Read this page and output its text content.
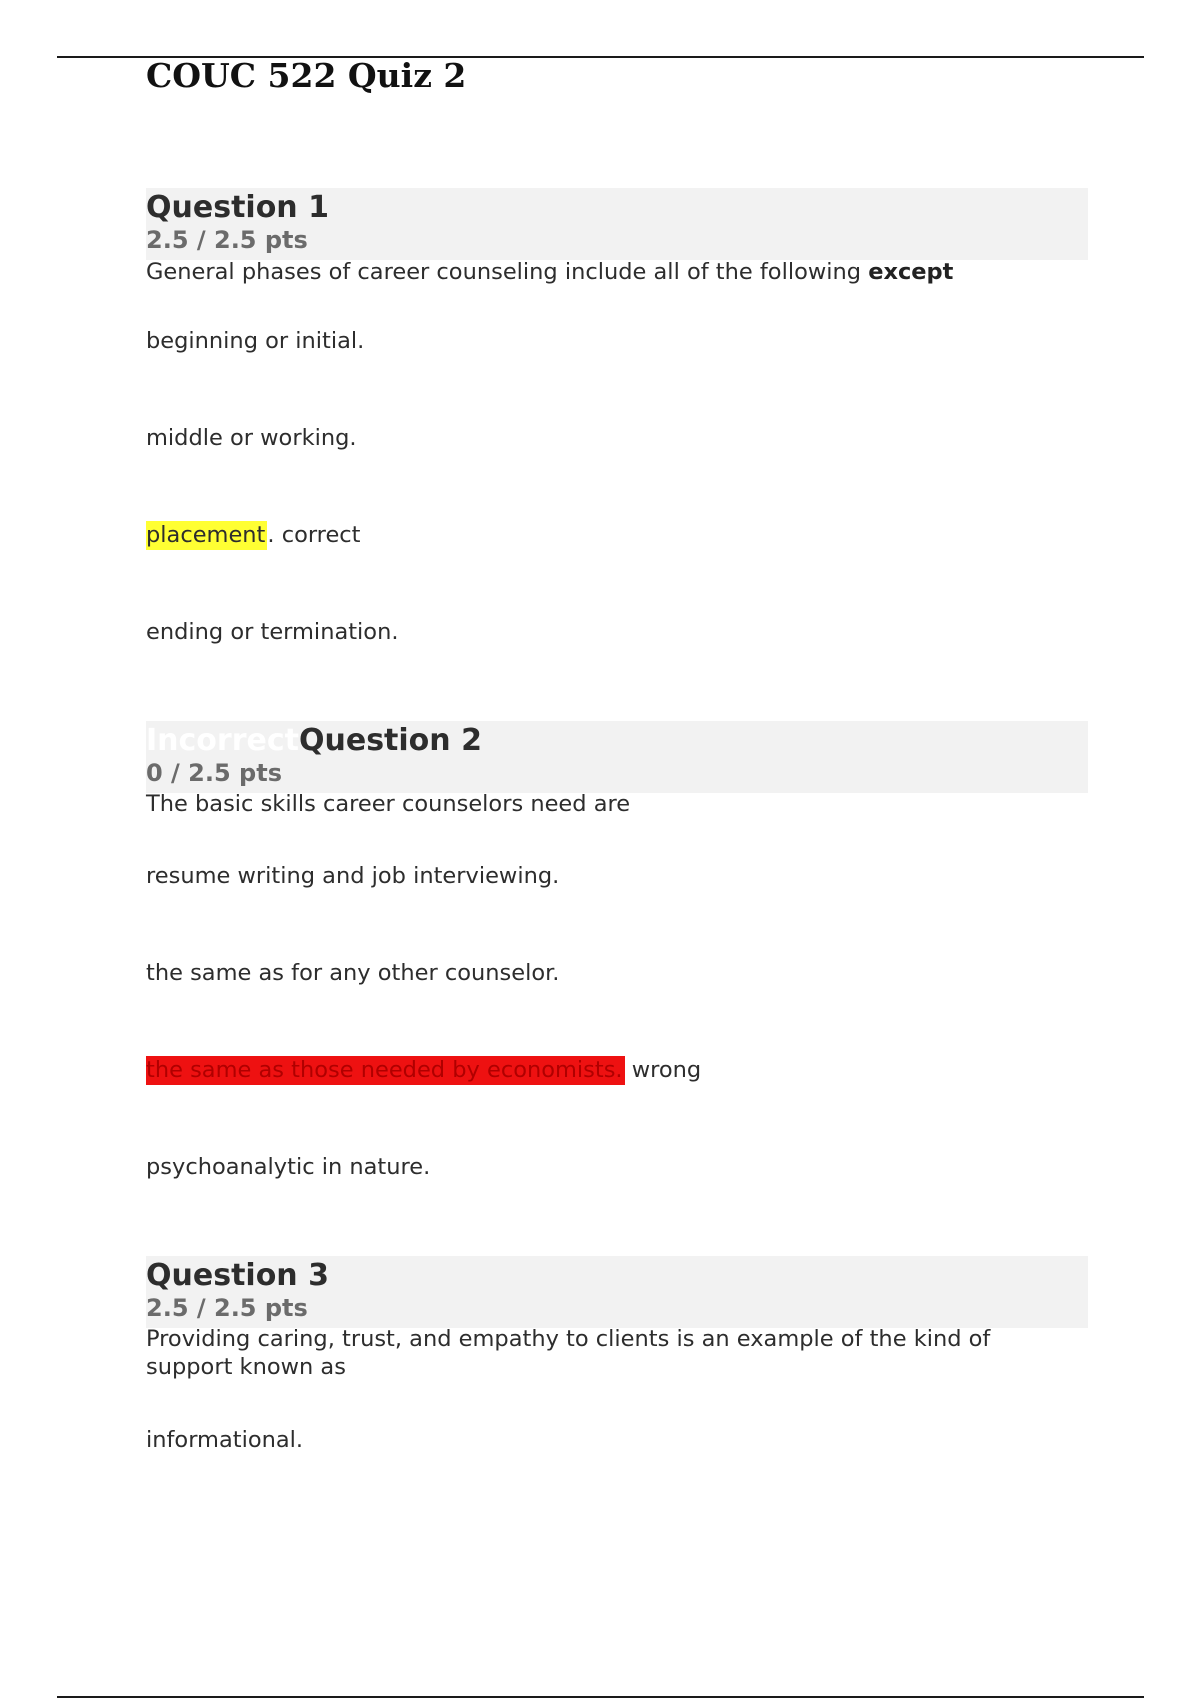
COUC 522 Quiz 2
Question 1
2.5 / 2.5 pts
General phases of career counseling include all of the following except
beginning or initial.
middle or working.
placement. correct
ending or termination.
IncorrectQuestion 2
0 / 2.5 pts
The basic skills career counselors need are
resume writing and job interviewing.
the same as for any other counselor.
the same as those needed by economists. wrong
psychoanalytic in nature.
Question 3
2.5 / 2.5 pts
Providing caring, trust, and empathy to clients is an example of the kind of support known as
informational.
